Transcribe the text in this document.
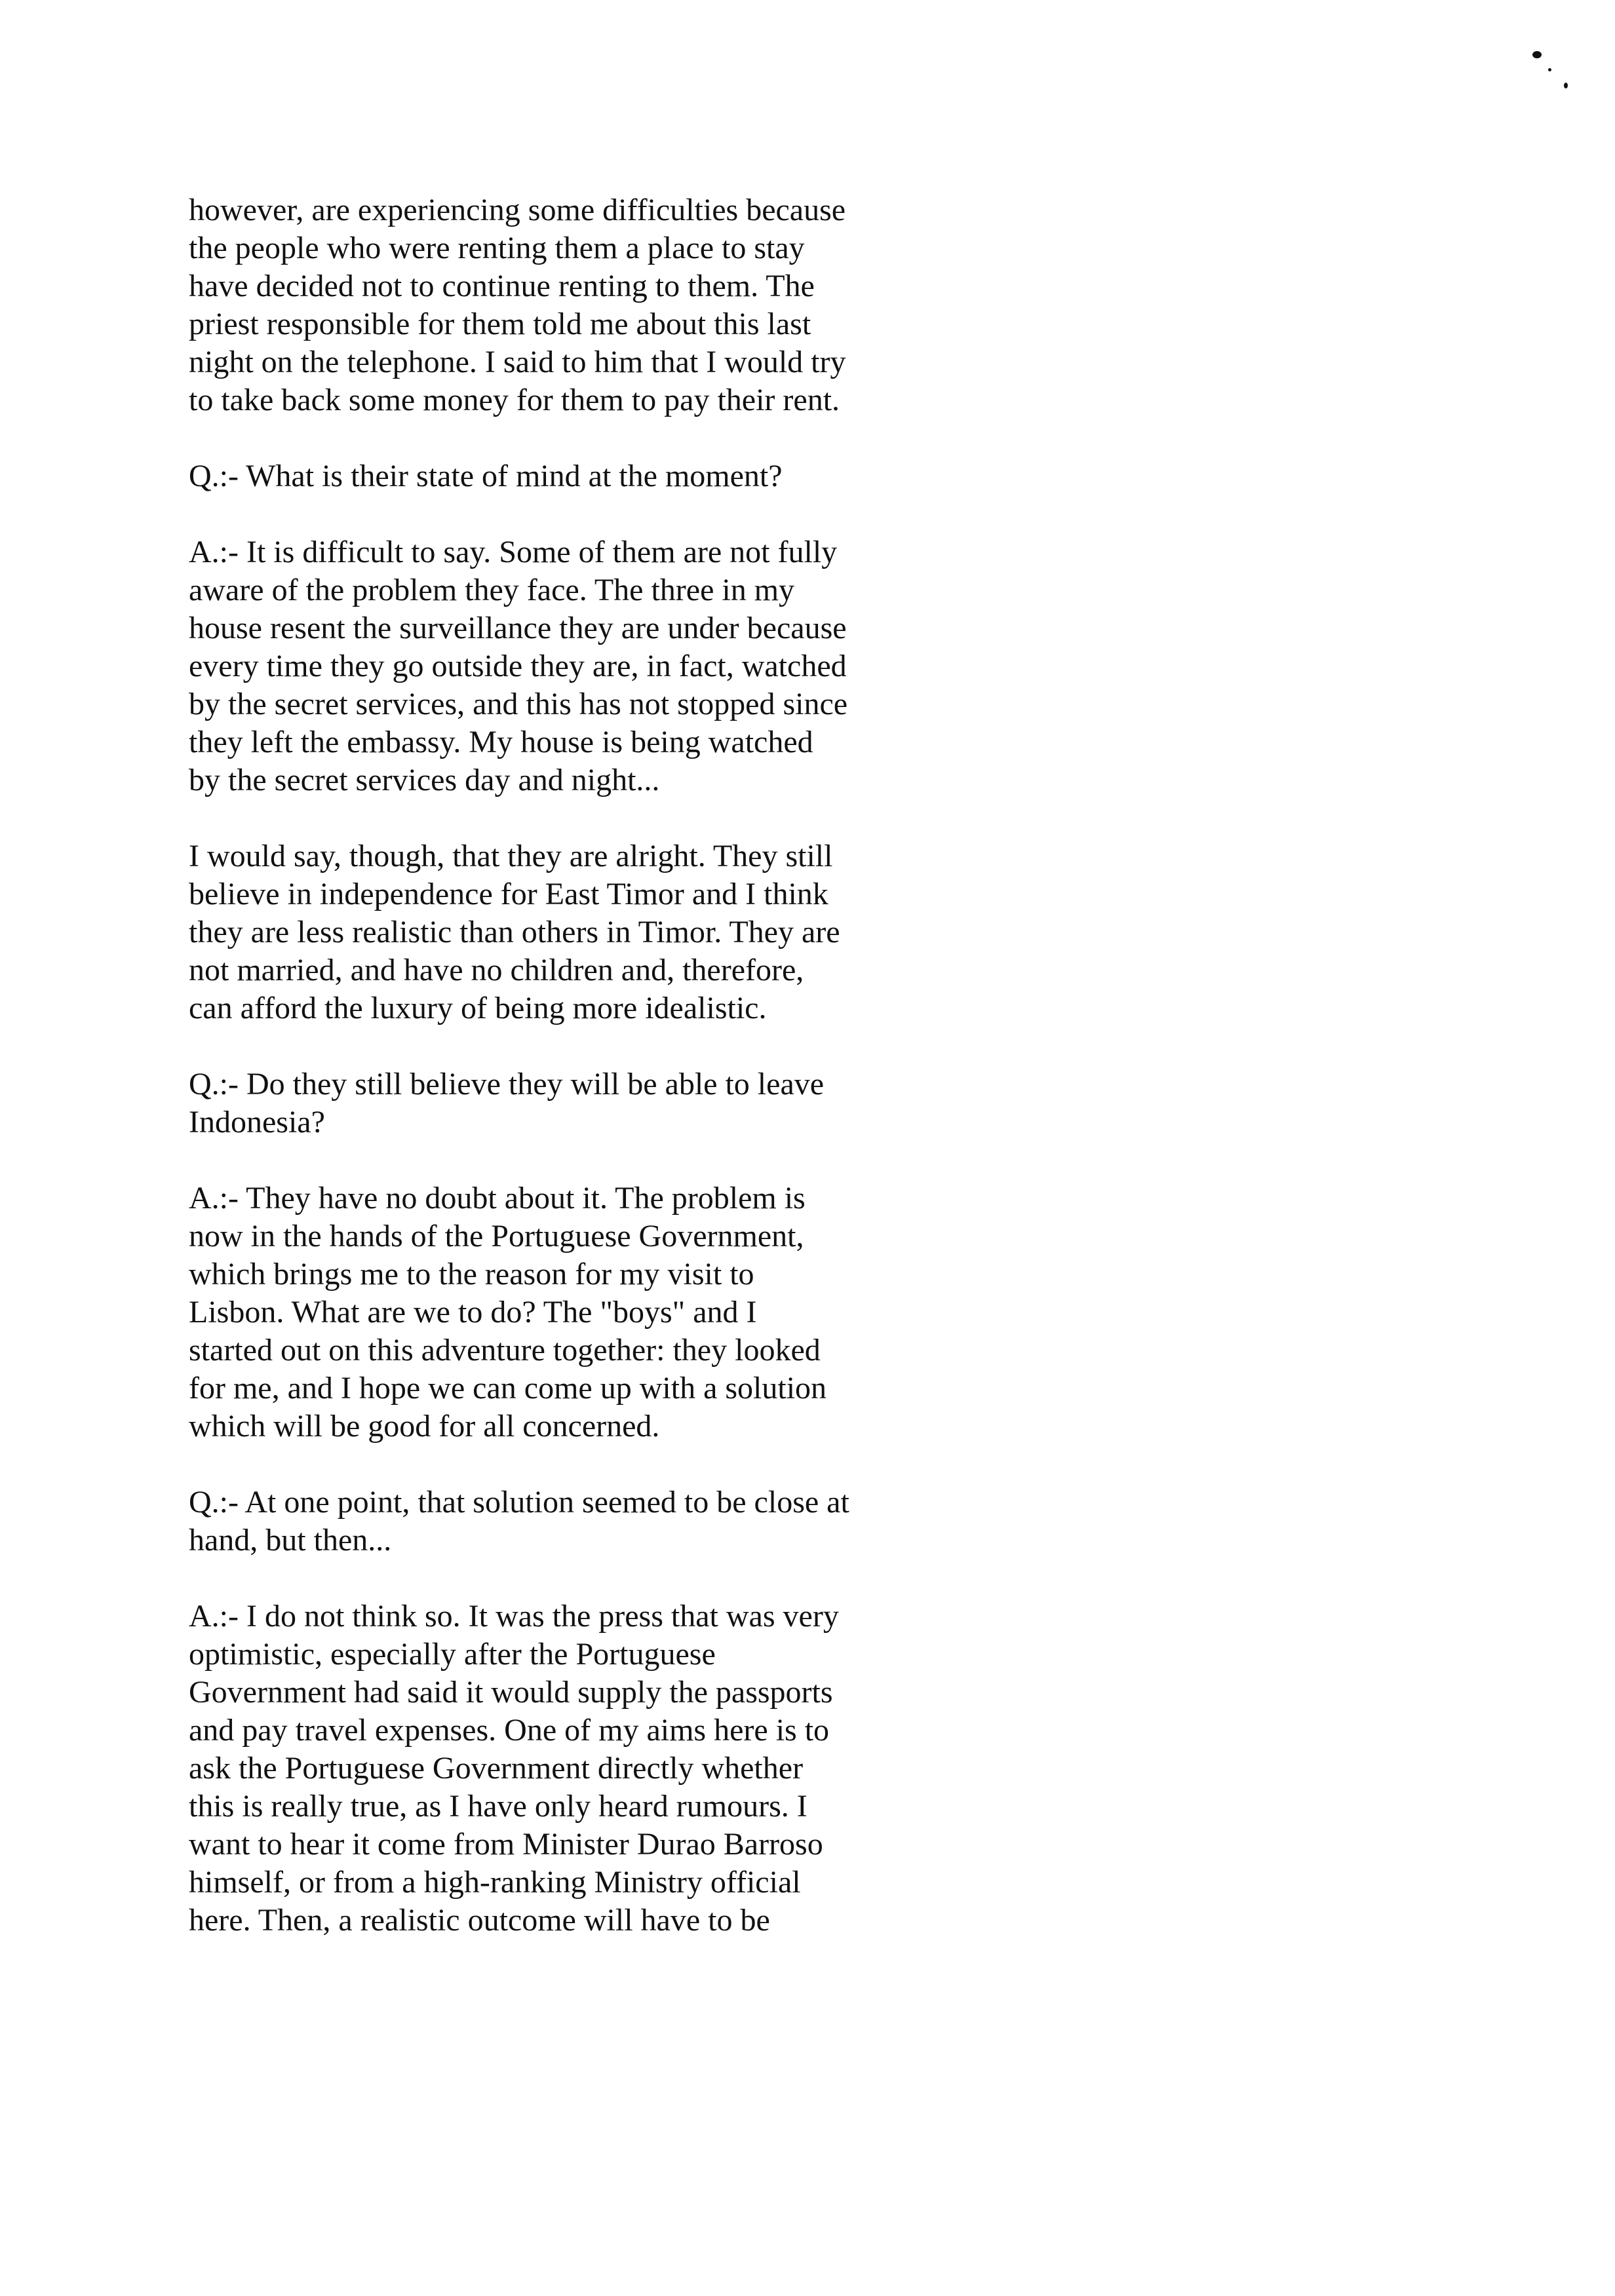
however, are experiencing some difficulties because
the people who were renting them a place to stay
have decided not to continue renting to them. The
priest responsible for them told me about this last
night on the telephone. I said to him that I would try
to take back some money for them to pay their rent.

Q.:- What is their state of mind at the moment?

A.:- It is difficult to say. Some of them are not fully
aware of the problem they face. The three in my
house resent the surveillance they are under because
every time they go outside they are, in fact, watched
by the secret services, and this has not stopped since
they left the embassy. My house is being watched
by the secret services day and night...

I would say, though, that they are alright. They still
believe in independence for East Timor and I think
they are less realistic than others in Timor. They are
not married, and have no children and, therefore,
can afford the luxury of being more idealistic.

Q.:- Do they still believe they will be able to leave
Indonesia?

A.:- They have no doubt about it. The problem is
now in the hands of the Portuguese Government,
which brings me to the reason for my visit to
Lisbon. What are we to do? The "boys" and I
started out on this adventure together: they looked
for me, and I hope we can come up with a solution
which will be good for all concerned.

Q.:- At one point, that solution seemed to be close at
hand, but then...

A.:- I do not think so. It was the press that was very
optimistic, especially after the Portuguese
Government had said it would supply the passports
and pay travel expenses. One of my aims here is to
ask the Portuguese Government directly whether
this is really true, as I have only heard rumours. I
want to hear it come from Minister Durao Barroso
himself, or from a high-ranking Ministry official
here. Then, a realistic outcome will have to be
